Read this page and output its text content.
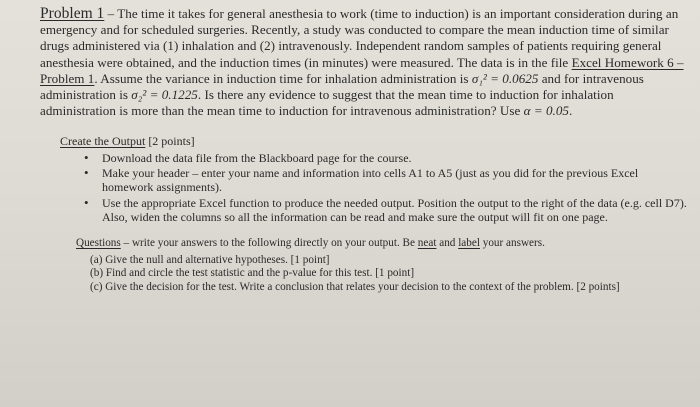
Problem 1 – The time it takes for general anesthesia to work (time to induction) is an important consideration during an emergency and for scheduled surgeries. Recently, a study was conducted to compare the mean induction time of similar drugs administered via (1) inhalation and (2) intravenously. Independent random samples of patients requiring general anesthesia were obtained, and the induction times (in minutes) were measured. The data is in the file Excel Homework 6 – Problem 1. Assume the variance in induction time for inhalation administration is σ₁² = 0.0625 and for intravenous administration is σ₂² = 0.1225. Is there any evidence to suggest that the mean time to induction for inhalation administration is more than the mean time to induction for intravenous administration? Use α = 0.05.

Create the Output [2 points]
• Download the data file from the Blackboard page for the course.
• Make your header – enter your name and information into cells A1 to A5 (just as you did for the previous Excel homework assignments).
• Use the appropriate Excel function to produce the needed output. Position the output to the right of the data (e.g. cell D7). Also, widen the columns so all the information can be read and make sure the output will fit on one page.
Questions – write your answers to the following directly on your output. Be neat and label your answers.
(a) Give the null and alternative hypotheses. [1 point]
(b) Find and circle the test statistic and the p-value for this test. [1 point]
(c) Give the decision for the test. Write a conclusion that relates your decision to the context of the problem. [2 points]
